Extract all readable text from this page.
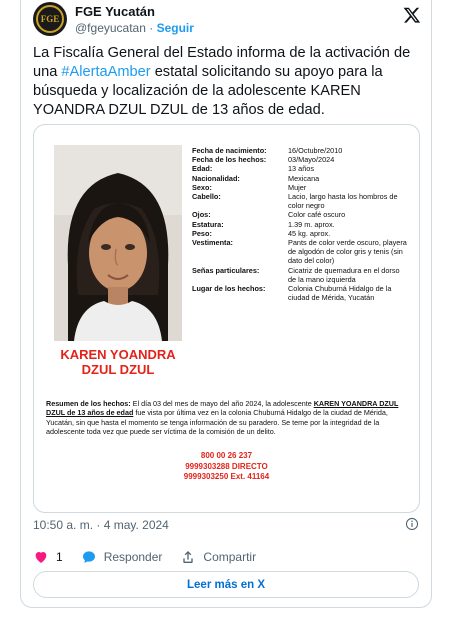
FGE	FGE Yucatán
@fgeyucatan · Seguir
La Fiscalía General del Estado informa de la activación de una #AlertaAmber estatal solicitando su apoyo para la búsqueda y localización de la adolescente KAREN YOANDRA DZUL DZUL de 13 años de edad.
KAREN YOANDRA
DZUL DZUL
Fecha de nacimiento:	16/Octubre/2010
Fecha de los hechos:	03/Mayo/2024
Edad:	13 años
Nacionalidad:	Mexicana
Sexo:	Mujer
Cabello:	Lacio, largo hasta los hombros de color negro
Ojos:	Color café oscuro
Estatura:	1.39 m. aprox.
Peso:	45 kg. aprox.
Vestimenta:	Pants de color verde oscuro, playera de algodón de color gris y tenis (sin dato del color)
Señas particulares:	Cicatriz de quemadura en el dorso de la mano izquierda
Lugar de los hechos:	Colonia Chuburná Hidalgo de la ciudad de Mérida, Yucatán
Resumen de los hechos: El día 03 del mes de mayo del año 2024, la adolescente KAREN YOANDRA DZUL DZUL de 13 años de edad fue vista por última vez en la colonia Chuburná Hidalgo de la ciudad de Mérida, Yucatán, sin que hasta el momento se tenga información de su paradero. Se teme por la integridad de la adolescente toda vez que puede ser víctima de la comisión de un delito.
800 00 26 237
9999303288 DIRECTO
9999303250 Ext. 41164
10:50 a. m. · 4 may. 2024
1	Responder	Compartir
Leer más en X
